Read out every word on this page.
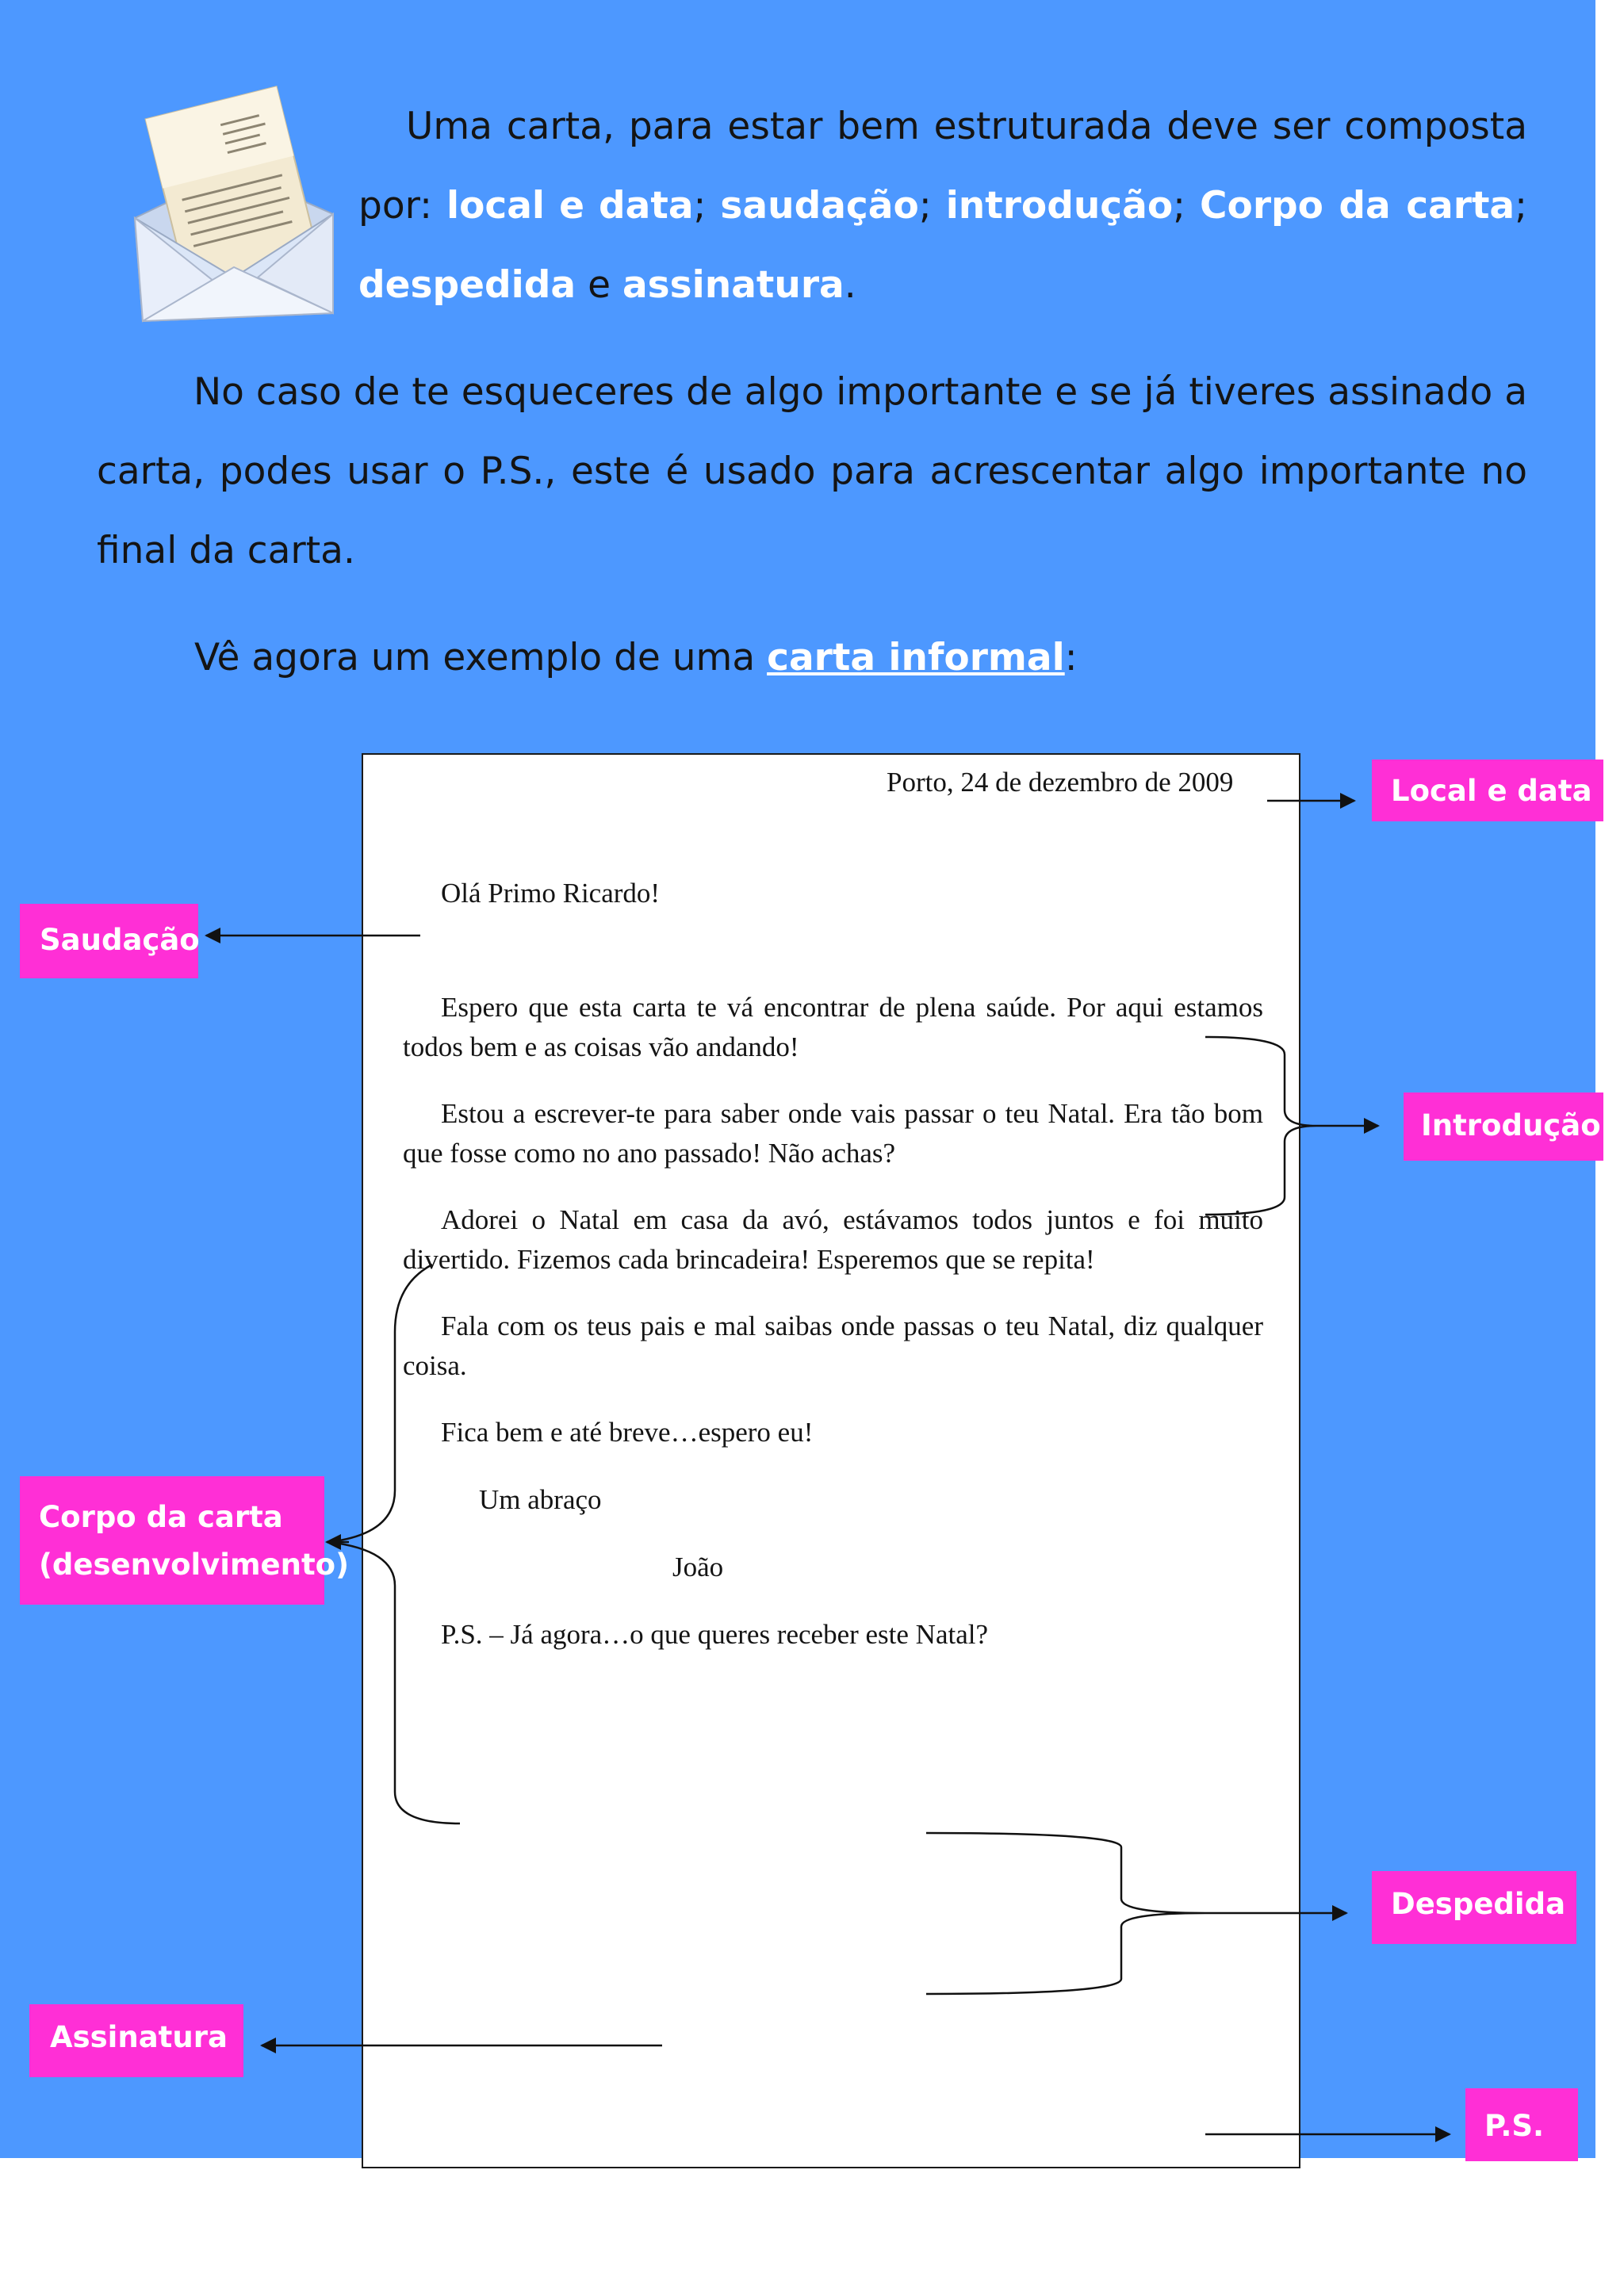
Uma carta, para estar bem estruturada deve ser composta por: local e data; saudação; introdução; Corpo da carta; despedida e assinatura.

No caso de te esqueceres de algo importante e se já tiveres assinado a carta, podes usar o P.S., este é usado para acrescentar algo importante no final da carta.

Vê agora um exemplo de uma carta informal:

Porto, 24 de dezembro de 2009

Olá Primo Ricardo!

Espero que esta carta te vá encontrar de plena saúde. Por aqui estamos todos bem e as coisas vão andando!

Estou a escrever-te para saber onde vais passar o teu Natal. Era tão bom que fosse como no ano passado! Não achas?

Adorei o Natal em casa da avó, estávamos todos juntos e foi muito divertido. Fizemos cada brincadeira! Esperemos que se repita!

Fala com os teus pais e mal saibas onde passas o teu Natal, diz qualquer coisa.

Fica bem e até breve…espero eu!

Um abraço

João

P.S. – Já agora…o que queres receber este Natal?

Local e data
Saudação
Introdução
Corpo da carta
(desenvolvimento)
Despedida
Assinatura
P.S.
